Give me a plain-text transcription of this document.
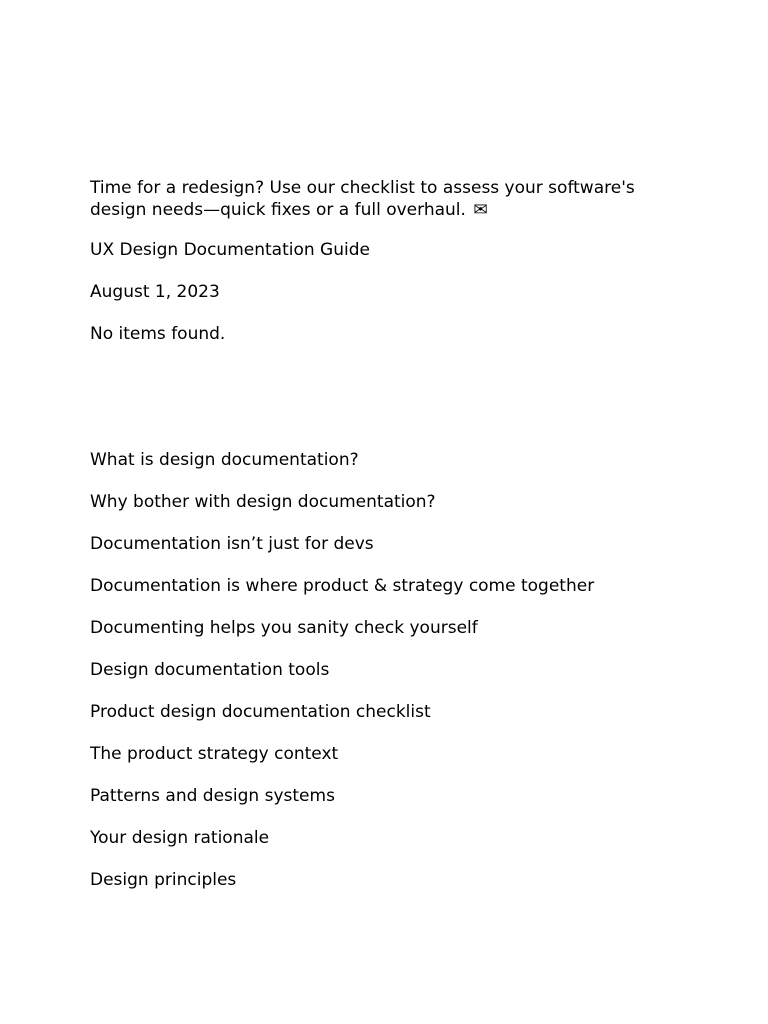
Time for a redesign? Use our checklist to assess your software's design needs—quick fixes or a full overhaul. ✉

UX Design Documentation Guide

August 1, 2023

No items found.

What is design documentation?
Why bother with design documentation?
Documentation isn’t just for devs
Documentation is where product & strategy come together
Documenting helps you sanity check yourself
Design documentation tools
Product design documentation checklist
The product strategy context
Patterns and design systems
Your design rationale
Design principles
